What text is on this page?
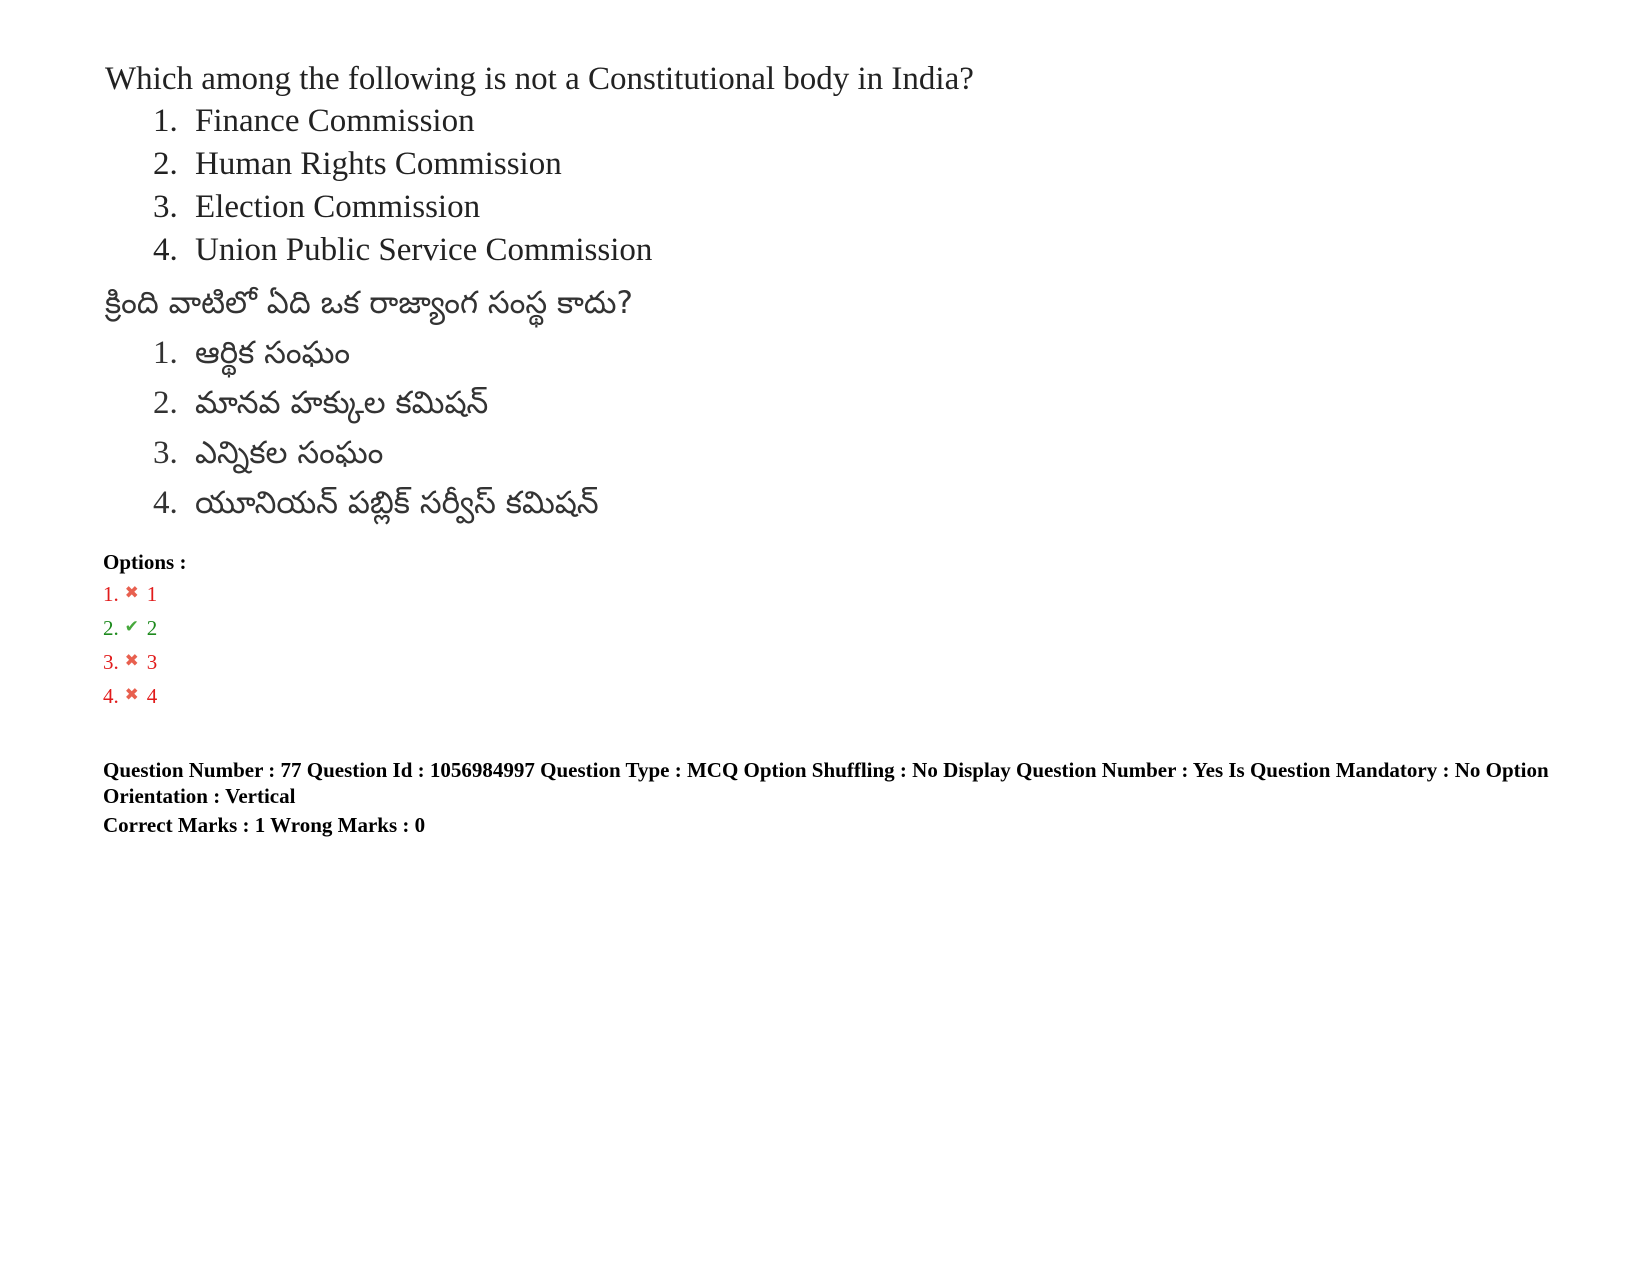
Which among the following is not a Constitutional body in India?
1. Finance Commission
2. Human Rights Commission
3. Election Commission
4. Union Public Service Commission
క్రింది వాటిలో ఏది ఒక రాజ్యాంగ సంస్థ కాదు?
1. ఆర్థిక సంఘం
2. మానవ హక్కుల కమిషన్
3. ఎన్నికల సంఘం
4. యూనియన్ పబ్లిక్ సర్వీస్ కమిషన్
Options :
1. ✖ 1
2. ✔ 2
3. ✖ 3
4. ✖ 4
Question Number : 77 Question Id : 1056984997 Question Type : MCQ Option Shuffling : No Display Question Number : Yes Is Question Mandatory : No Option Orientation : Vertical
Correct Marks : 1 Wrong Marks : 0
